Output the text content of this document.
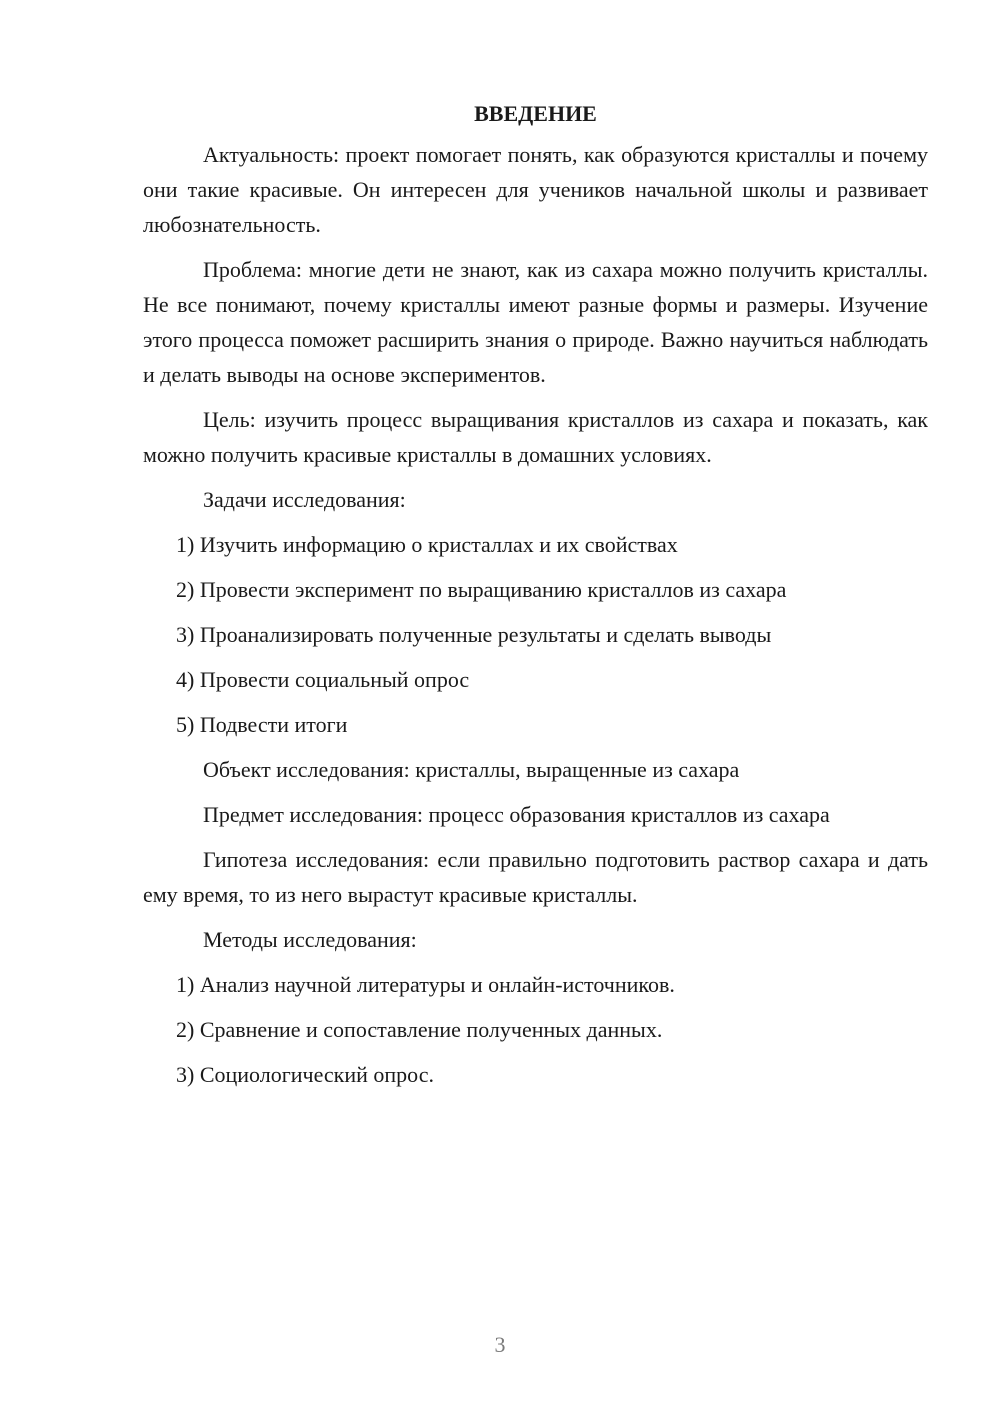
ВВЕДЕНИЕ

Актуальность: проект помогает понять, как образуются кристаллы и почему они такие красивые. Он интересен для учеников начальной школы и развивает любознательность.

Проблема: многие дети не знают, как из сахара можно получить кристаллы. Не все понимают, почему кристаллы имеют разные формы и размеры. Изучение этого процесса поможет расширить знания о природе. Важно научиться наблюдать и делать выводы на основе экспериментов.

Цель: изучить процесс выращивания кристаллов из сахара и показать, как можно получить красивые кристаллы в домашних условиях.

Задачи исследования:

1) Изучить информацию о кристаллах и их свойствах
2) Провести эксперимент по выращиванию кристаллов из сахара
3) Проанализировать полученные результаты и сделать выводы
4) Провести социальный опрос
5) Подвести итоги

Объект исследования: кристаллы, выращенные из сахара

Предмет исследования: процесс образования кристаллов из сахара

Гипотеза исследования: если правильно подготовить раствор сахара и дать ему время, то из него вырастут красивые кристаллы.

Методы исследования:

1) Анализ научной литературы и онлайн-источников.
2) Сравнение и сопоставление полученных данных.
3) Социологический опрос.
3
